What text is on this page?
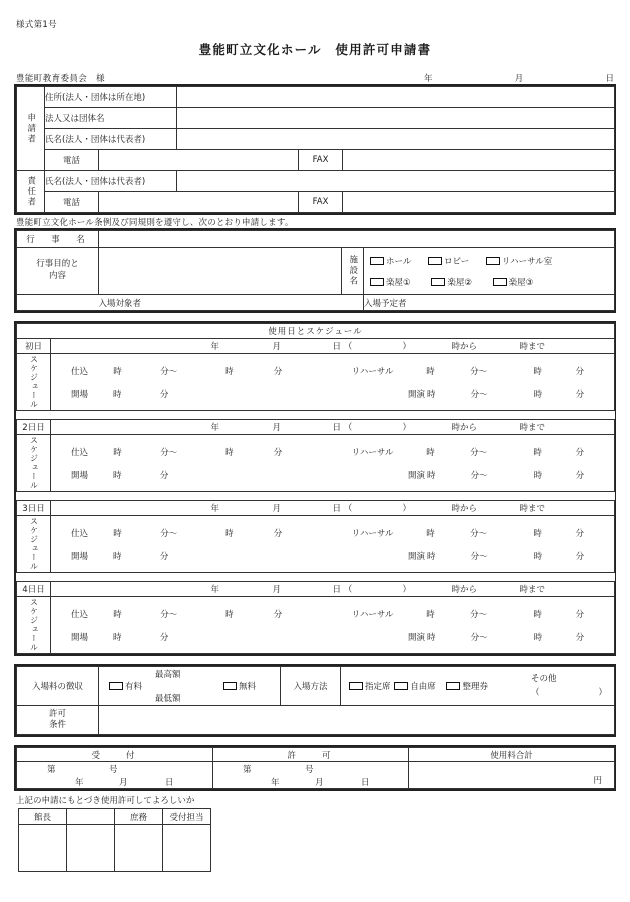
様式第1号
豊能町立文化ホール　使用許可申請書
豊能町教育委員会　様	年	月	日
申請者	住所(法人・団体は所在地)				
	法人又は団体名				
	氏名(法人・団体は代表者)				
	電話			FAX	

責任者	氏名(法人・団体は代表者)				
	電話			FAX	
豊能町立文化ホール条例及び同規則を遵守し、次のとおり申請します。
行　事　名			

行事目的と
内容		施設名	ホール	ロビー	リハーサル室
楽屋①	楽屋②	楽屋③

	入場対象者		入場予定者
使用日とスケジュール	
初日	年	月	日 （	）	時から	時まで

スケジュール	仕込	時	分～	時	分	リハーサル	時	分～	時	分
開場	時	分	開演 時	分～	時	分

2日日	年	月	日 （	）	時から	時まで

スケジュール	仕込	時	分～	時	分	リハーサル	時	分～	時	分
開場	時	分	開演 時	分～	時	分

3日日	年	月	日 （	）	時から	時まで

スケジュール	仕込	時	分～	時	分	リハーサル	時	分～	時	分
開場	時	分	開演 時	分～	時	分

4日日	年	月	日 （	）	時から	時まで

スケジュール	仕込	時	分～	時	分	リハーサル	時	分～	時	分
開場	時	分	開演 時	分～	時	分
入場料の徴収	
最高額
最低額
有料	無料	入場方法	指定席 自由席	整理券
その他
（	）

許可
条件			

受　　付	許　　可	使用料合計

第 号	第 号	円

年 月 日	年 月 日	
上記の申請にもとづき使用許可してよろしいか
館長		庶務	受付担当
